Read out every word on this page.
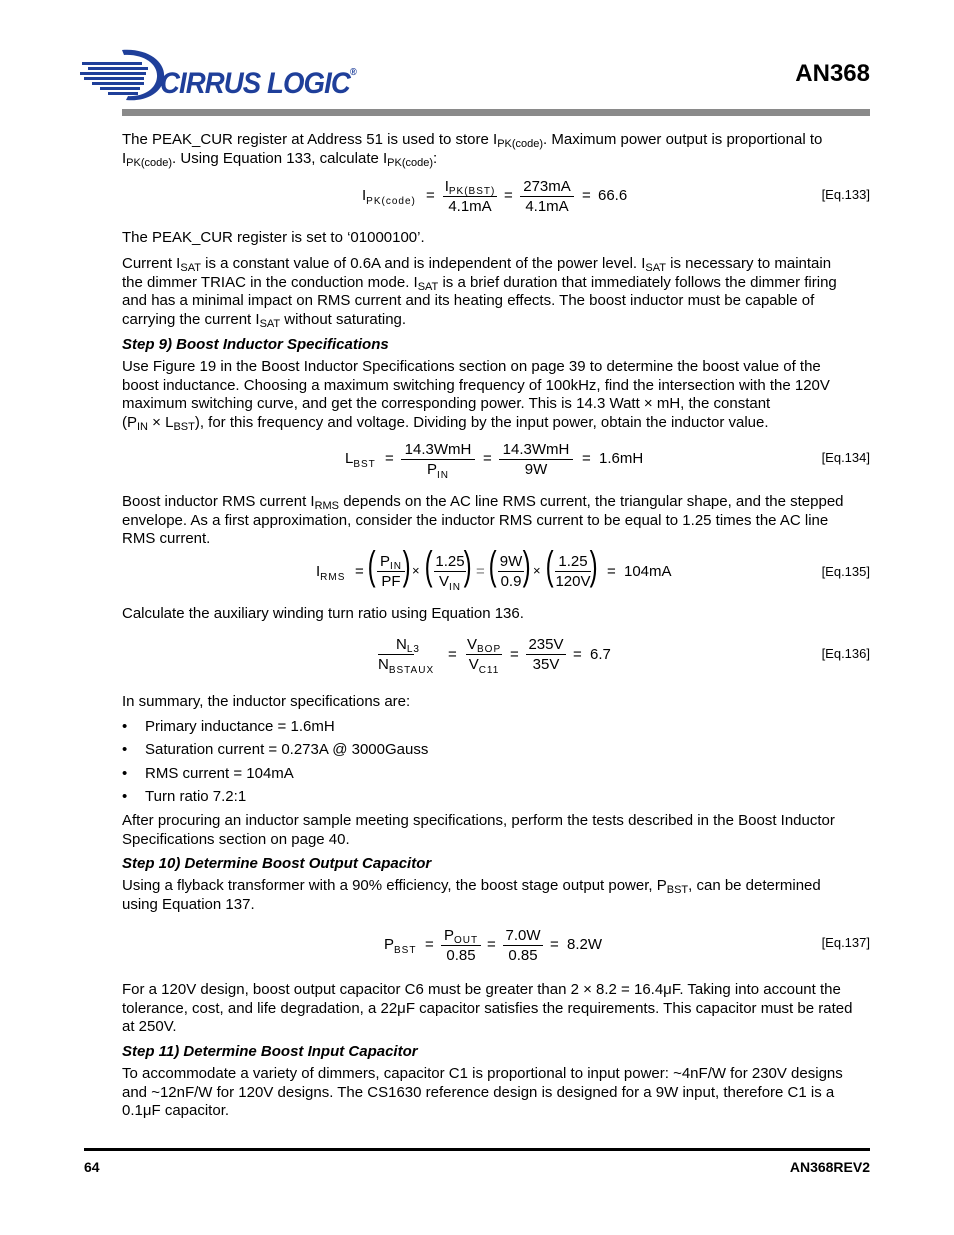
CIRRUS LOGIC®	AN368
The PEAK_CUR register at Address 51 is used to store $I_{PK(code)}$. Maximum power output is proportional to
$I_{PK(code)}$. Using Equation 133, calculate $I_{PK(code)}$:
$I_{PK(code)}$ =
$I_{PK(BST)}$
4.1mA
= $\frac{273mA}{4.1mA} = 66.6$	[Eq.133]
The PEAK_CUR register is set to ‘01000100’.
Current $I_{SAT}$ is a constant value of 0.6A and is independent of the power level. $I_{SAT}$ is necessary to maintain
the dimmer TRIAC in the conduction mode. $I_{SAT}$ is a brief duration that immediately follows the dimmer firing
and has a minimal impact on RMS current and its heating effects. The boost inductor must be capable of
carrying the current $I_{SAT}$ without saturating.
Step 9) Boost Inductor Specifications
Use Figure 19 in the Boost Inductor Specifications section on page 39 to determine the boost value of the
boost inductance. Choosing a maximum switching frequency of 100kHz, find the intersection with the 120V
maximum switching curve, and get the corresponding power. This is 14.3 Watt × mH, the constant
$(P_{IN} \times L_{BST})$, for this frequency and voltage. Dividing by the input power, obtain the inductor value.
$L_{BST}$ =
14.3WmH
$P_{IN}$
=
14.3WmH
9W
= 1.6mH	[Eq.134]
Boost inductor RMS current $I_{RMS}$ depends on the AC line RMS current, the triangular shape, and the stepped
envelope. As a first approximation, consider the inductor RMS current to be equal to 1.25 times the AC line
RMS current.
$I_{RMS}$ = ( $P_{IN}$
PF ) × ( 1.25
$V_{IN}$ ) = ( $\frac{9W}{0.9}$
) × ( $\frac{1.25}{120V}$
) = 104mA	[Eq.135]
Calculate the auxiliary winding turn ratio using Equation 136.
$N_{L3}$
$N_{BSTAUX}$
=
$V_{BOP}$
$V_{C11}$
= $\frac{235V}{35V} = 6.7$	[Eq.136]
In summary, the inductor specifications are:
• Primary inductance = 1.6mH
• Saturation current = 0.273A @ 3000Gauss
• RMS current = 104mA
• Turn ratio 7.2:1
After procuring an inductor sample meeting specifications, perform the tests described in the Boost Inductor
Specifications section on page 40.
Step 10) Determine Boost Output Capacitor
Using a flyback transformer with a 90% efficiency, the boost stage output power, $P_{BST}$, can be determined
using Equation 137.
$P_{BST}$ =
$P_{OUT}$
0.85
= $\frac{7.0W}{0.85} = 8.2W$	[Eq.137]
For a 120V design, boost output capacitor C6 must be greater than 2 × 8.2 = 16.4μF. Taking into account the
tolerance, cost, and life degradation, a 22μF capacitor satisfies the requirements. This capacitor must be rated
at 250V.
Step 11) Determine Boost Input Capacitor
To accommodate a variety of dimmers, capacitor C1 is proportional to input power: ~4nF/W for 230V designs
and ~12nF/W for 120V designs. The CS1630 reference design is designed for a 9W input, therefore C1 is a
0.1μF capacitor.
64	AN368REV2
